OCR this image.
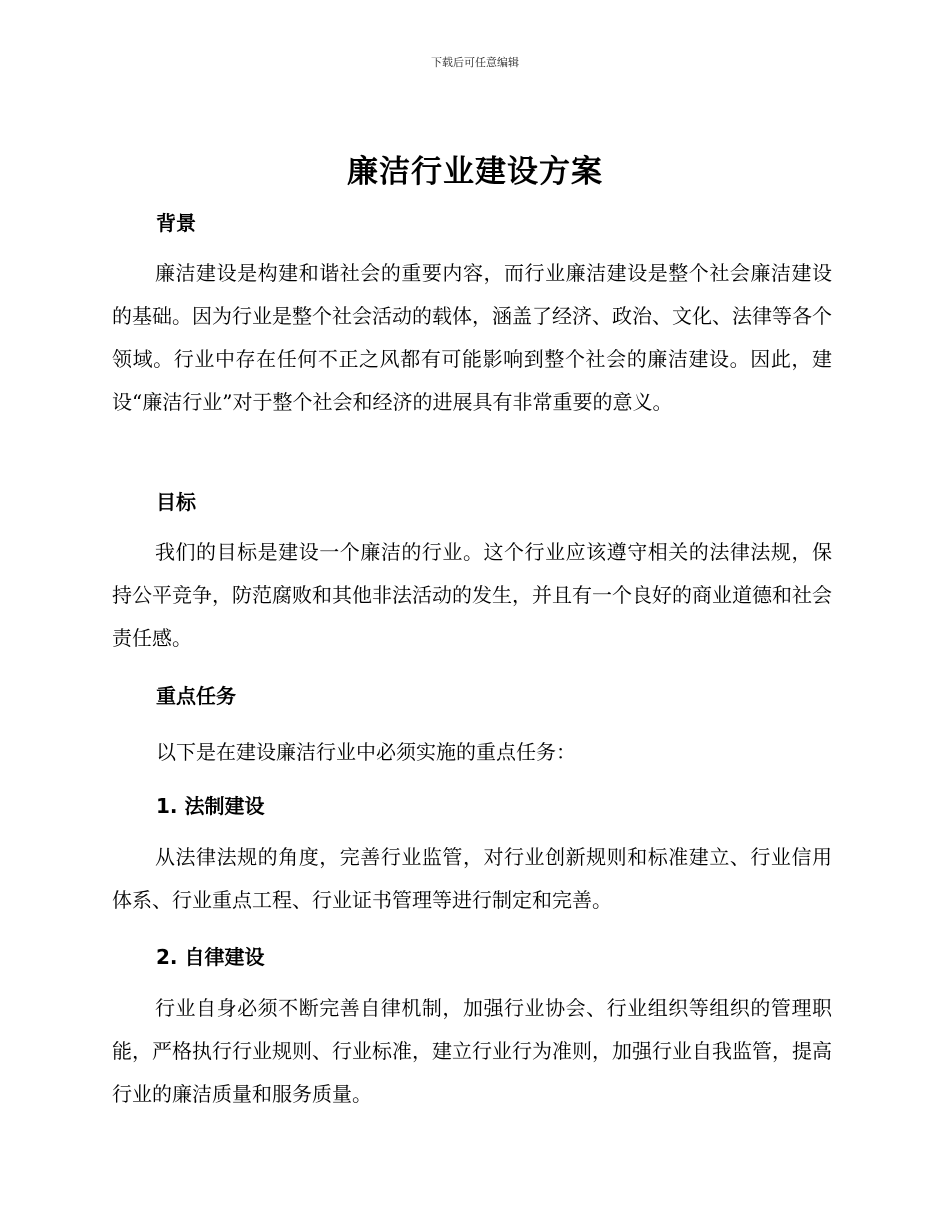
下载后可任意编辑
廉洁行业建设方案
背景

廉洁建设是构建和谐社会的重要内容，而行业廉洁建设是整个社会廉洁建设的基础。因为行业是整个社会活动的载体，涵盖了经济、政治、文化、法律等各个领域。行业中存在任何不正之风都有可能影响到整个社会的廉洁建设。因此，建设“廉洁行业”对于整个社会和经济的进展具有非常重要的意义。

目标

我们的目标是建设一个廉洁的行业。这个行业应该遵守相关的法律法规，保持公平竞争，防范腐败和其他非法活动的发生，并且有一个良好的商业道德和社会责任感。

重点任务

以下是在建设廉洁行业中必须实施的重点任务：

1. 法制建设

从法律法规的角度，完善行业监管，对行业创新规则和标准建立、行业信用体系、行业重点工程、行业证书管理等进行制定和完善。

2. 自律建设

行业自身必须不断完善自律机制，加强行业协会、行业组织等组织的管理职能，严格执行行业规则、行业标准，建立行业行为准则，加强行业自我监管，提高行业的廉洁质量和服务质量。
